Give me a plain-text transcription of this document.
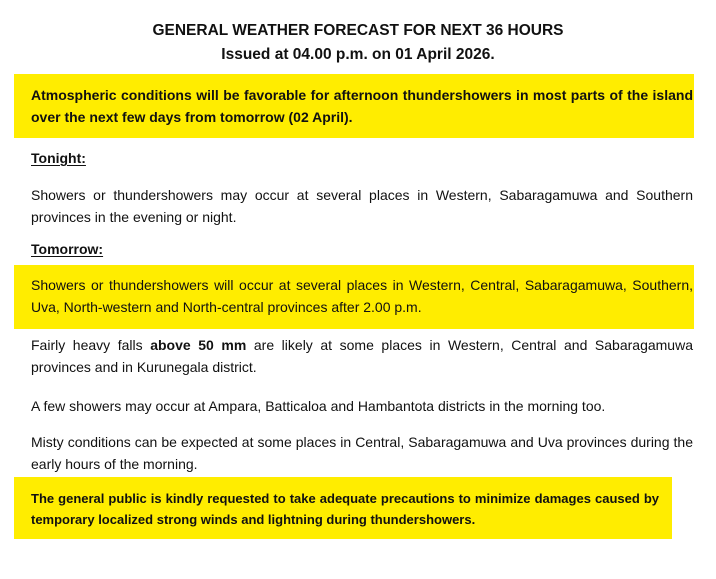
GENERAL WEATHER FORECAST FOR NEXT 36 HOURS
Issued at 04.00 p.m. on 01 April 2026.
Atmospheric conditions will be favorable for afternoon thundershowers in most parts of the island over the next few days from tomorrow (02 April).
Tonight:
Showers or thundershowers may occur at several places in Western, Sabaragamuwa and Southern provinces in the evening or night.
Tomorrow:
Showers or thundershowers will occur at several places in Western, Central, Sabaragamuwa, Southern, Uva, North-western and North-central provinces after 2.00 p.m.
Fairly heavy falls above 50 mm are likely at some places in Western, Central and Sabaragamuwa provinces and in Kurunegala district.
A few showers may occur at Ampara, Batticaloa and Hambantota districts in the morning too.
Misty conditions can be expected at some places in Central, Sabaragamuwa and Uva provinces during the early hours of the morning.
The general public is kindly requested to take adequate precautions to minimize damages caused by temporary localized strong winds and lightning during thundershowers.
